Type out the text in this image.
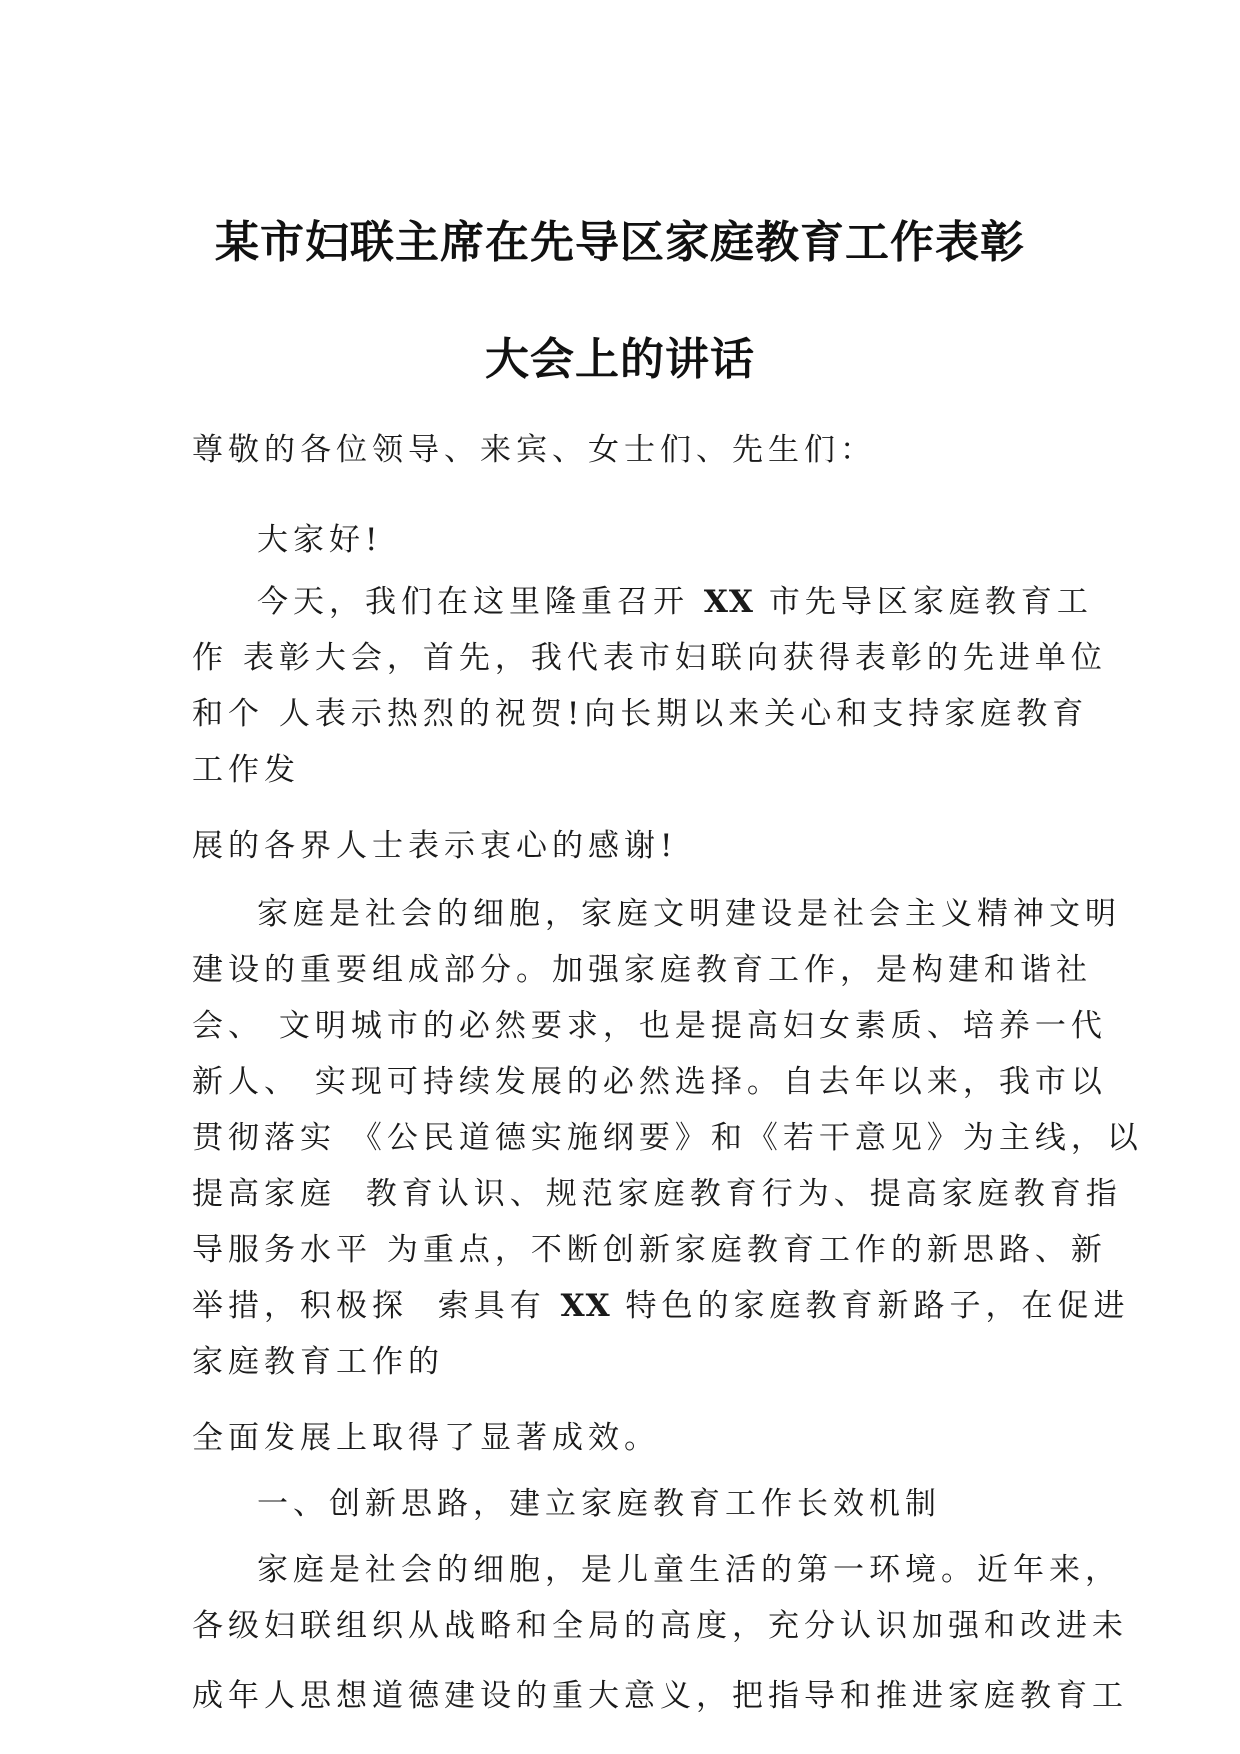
某市妇联主席在先导区家庭教育工作表彰
大会上的讲话
尊敬的各位领导、来宾、女士们、先生们：
大家好!
今天，我们在这里隆重召开 XX 市先导区家庭教育工
作 表彰大会，首先，我代表市妇联向获得表彰的先进单位
和个 人表示热烈的祝贺!向长期以来关心和支持家庭教育
工作发
展的各界人士表示衷心的感谢!
家庭是社会的细胞，家庭文明建设是社会主义精神文明
建设的重要组成部分。加强家庭教育工作，是构建和谐社
会、 文明城市的必然要求，也是提高妇女素质、培养一代
新人、 实现可持续发展的必然选择。自去年以来，我市以
贯彻落实 《公民道德实施纲要》和《若干意见》为主线，以
提高家庭  教育认识、规范家庭教育行为、提高家庭教育指
导服务水平 为重点，不断创新家庭教育工作的新思路、新
举措，积极探  索具有 XX 特色的家庭教育新路子，在促进
家庭教育工作的
全面发展上取得了显著成效。
一、创新思路，建立家庭教育工作长效机制
家庭是社会的细胞，是儿童生活的第一环境。近年来，
各级妇联组织从战略和全局的高度，充分认识加强和改进未
成年人思想道德建设的重大意义，把指导和推进家庭教育工
